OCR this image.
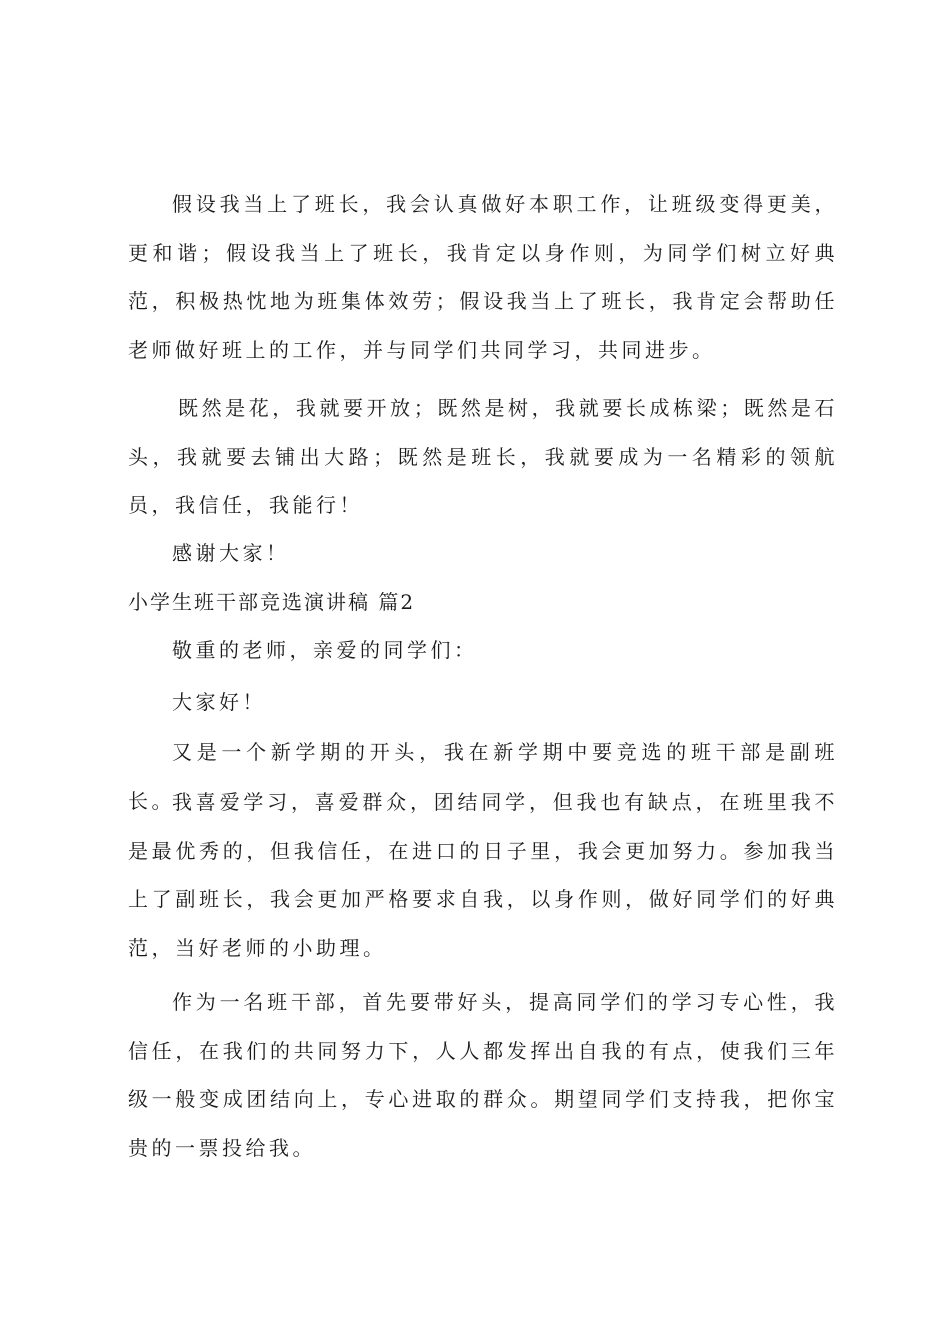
假设我当上了班长，我会认真做好本职工作，让班级变得更美，更和谐；假设我当上了班长，我肯定以身作则，为同学们树立好典范，积极热忱地为班集体效劳；假设我当上了班长，我肯定会帮助任老师做好班上的工作，并与同学们共同学习，共同进步。

既然是花，我就要开放；既然是树，我就要长成栋梁；既然是石头，我就要去铺出大路；既然是班长，我就要成为一名精彩的领航员，我信任，我能行！

感谢大家！

小学生班干部竞选演讲稿 篇2

敬重的老师，亲爱的同学们：

大家好！

又是一个新学期的开头，我在新学期中要竞选的班干部是副班长。

我喜爱学习，喜爱群众，团结同学，但我也有缺点，在班里我不是最优秀的，但我信任，在进口的日子里，我会更加努力。参加我当上了副班长，我会更加严格要求自我，以身作则，做好同学们的好典范，当好老师的小助理。

作为一名班干部，首先要带好头，提高同学们的学习专心性，我信任，在我们的共同努力下，人人都发挥出自我的有点，使我们三年级一般变成团结向上，专心进取的群众。期望同学们支持我，把你宝贵的一票投给我。
